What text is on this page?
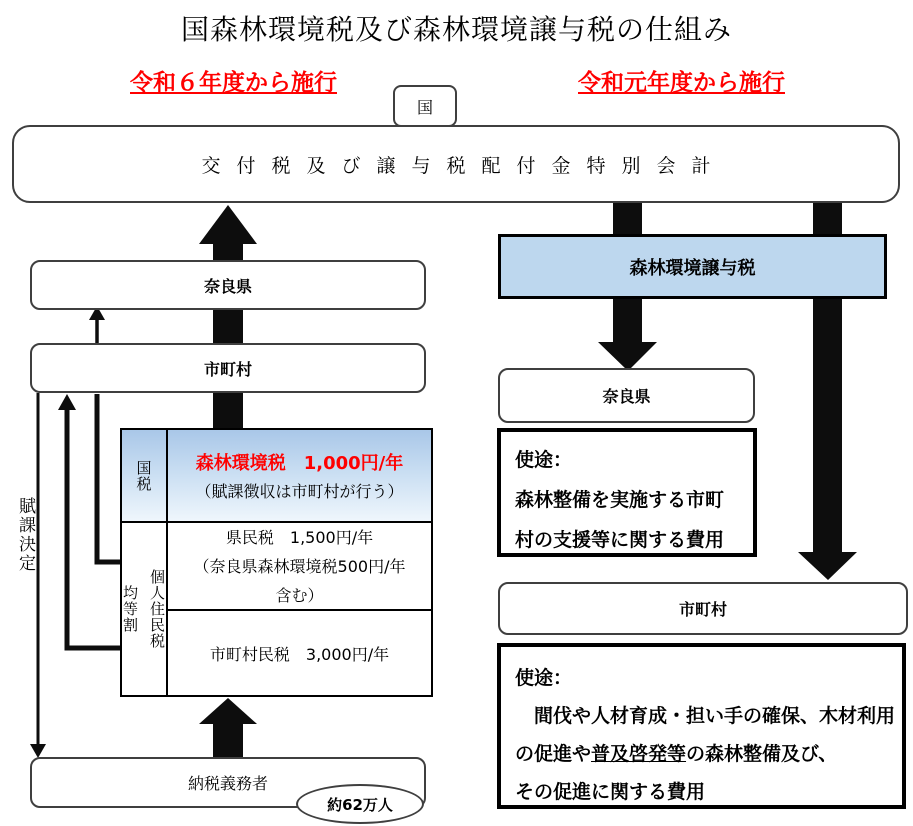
国森林環境税及び森林環境譲与税の仕組み
令和６年度から施行	令和元年度から施行
国
交付税及び譲与税配付金特別会計
奈良県
市町村
賦課決定
国税 森林環境税　1,000円/年
（賦課徴収は市町村が行う）
均等割 個人住民税
県民税　1,500円/年
（奈良県森林環境税500円/年
含む）
市町村民税　3,000円/年
納税義務者
約62万人
森林環境譲与税
奈良県
使途：
森林整備を実施する市町
村の支援等に関する費用
市町村
使途：
　間伐や人材育成・担い手の確保、木材利用
の促進や普及啓発等の森林整備及び、
その促進に関する費用
